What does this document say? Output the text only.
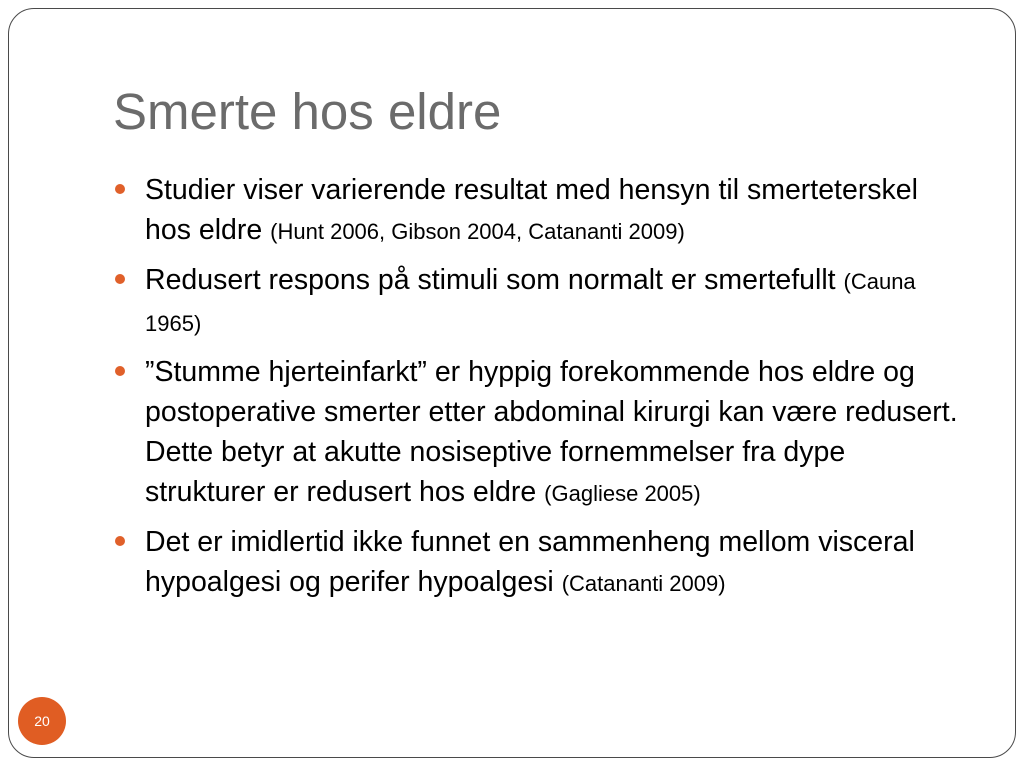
Smerte hos eldre
Studier viser varierende resultat med hensyn til smerteterskel hos eldre (Hunt 2006, Gibson 2004, Catananti 2009)
Redusert respons på stimuli som normalt er smertefullt (Cauna 1965)
”Stumme hjerteinfarkt” er hyppig forekommende hos eldre og postoperative smerter etter abdominal kirurgi kan være redusert. Dette betyr at akutte nosiseptive fornemmelser fra dype strukturer er redusert hos eldre (Gagliese 2005)
Det er imidlertid ikke funnet en sammenheng mellom visceral hypoalgesi og perifer hypoalgesi (Catananti 2009)
20
